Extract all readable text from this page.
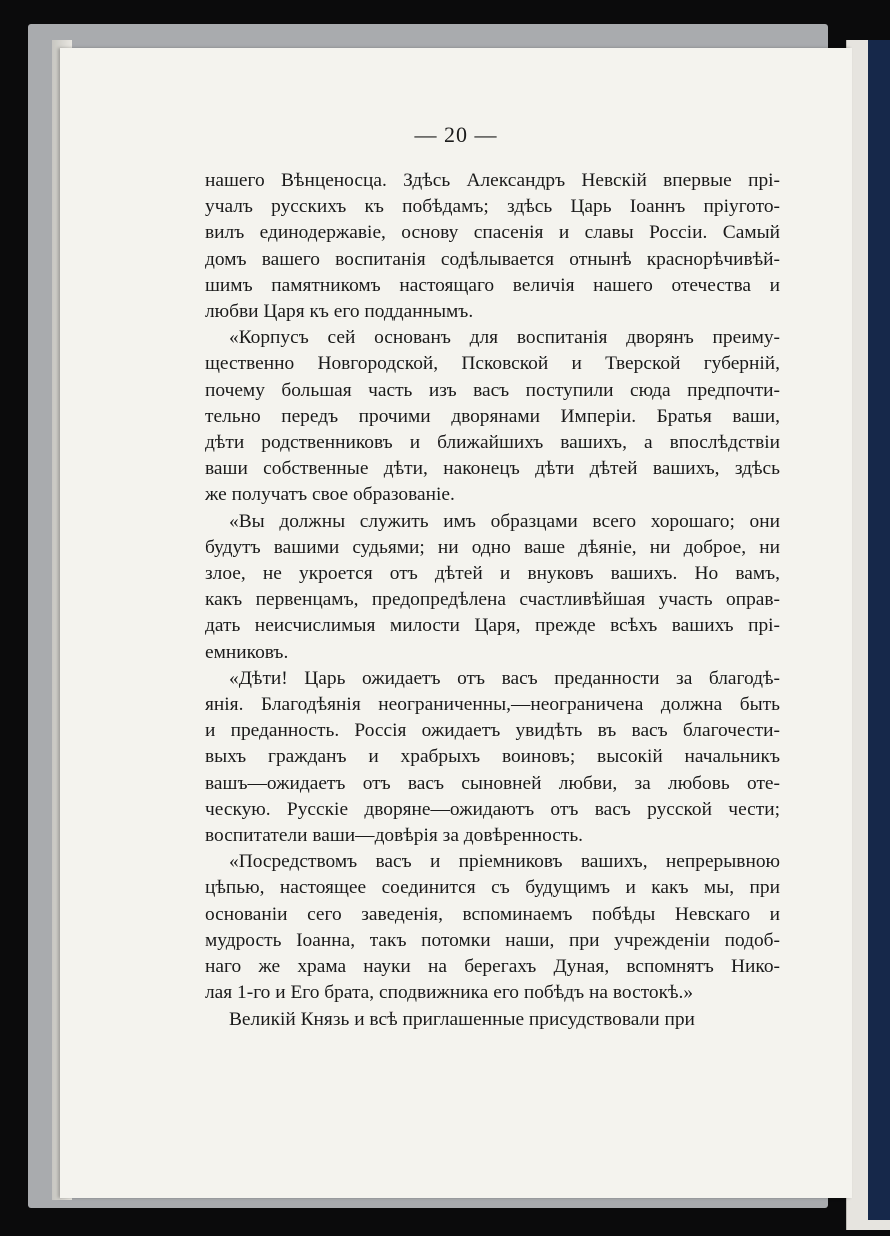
— 20 —

нашего Вѣнценосца. Здѣсь Александръ Невскій впервые прі-
учалъ русскихъ къ побѣдамъ; здѣсь Царь Іоаннъ пріугото-
вилъ единодержавіе, основу спасенія и славы Россіи. Самый
домъ вашего воспитанія содѣлывается отнынѣ краснорѣчивѣй-
шимъ памятникомъ настоящаго величія нашего отечества и
любви Царя къ его подданнымъ.

«Корпусъ сей основанъ для воспитанія дворянъ преиму-
щественно Новгородской, Псковской и Тверской губерній,
почему большая часть изъ васъ поступили сюда предпочти-
тельно передъ прочими дворянами Имперіи. Братья ваши,
дѣти родственниковъ и ближайшихъ вашихъ, а впослѣдствіи
ваши собственные дѣти, наконецъ дѣти дѣтей вашихъ, здѣсь
же получатъ свое образованіе.

«Вы должны служить имъ образцами всего хорошаго; они
будутъ вашими судьями; ни одно ваше дѣяніе, ни доброе, ни
злое, не укроется отъ дѣтей и внуковъ вашихъ. Но вамъ,
какъ первенцамъ, предопредѣлена счастливѣйшая участь оправ-
дать неисчислимыя милости Царя, прежде всѣхъ вашихъ прі-
емниковъ.

«Дѣти! Царь ожидаетъ отъ васъ преданности за благодѣ-
янія. Благодѣянія неограниченны,—неограничена должна быть
и преданность. Россія ожидаетъ увидѣть въ васъ благочести-
выхъ гражданъ и храбрыхъ воиновъ; высокій начальникъ
вашъ—ожидаетъ отъ васъ сыновней любви, за любовь оте-
ческую. Русскіе дворяне—ожидаютъ отъ васъ русской чести;
воспитатели ваши—довѣрія за довѣренность.

«Посредствомъ васъ и пріемниковъ вашихъ, непрерывною
цѣпью, настоящее соединится съ будущимъ и какъ мы, при
основаніи сего заведенія, вспоминаемъ побѣды Невскаго и
мудрость Іоанна, такъ потомки наши, при учрежденіи подоб-
наго же храма науки на берегахъ Дуная, вспомнятъ Нико-
лая 1-го и Его брата, сподвижника его побѣдъ на востокѣ.»

Великій Князь и всѣ приглашенные присудствовали при
